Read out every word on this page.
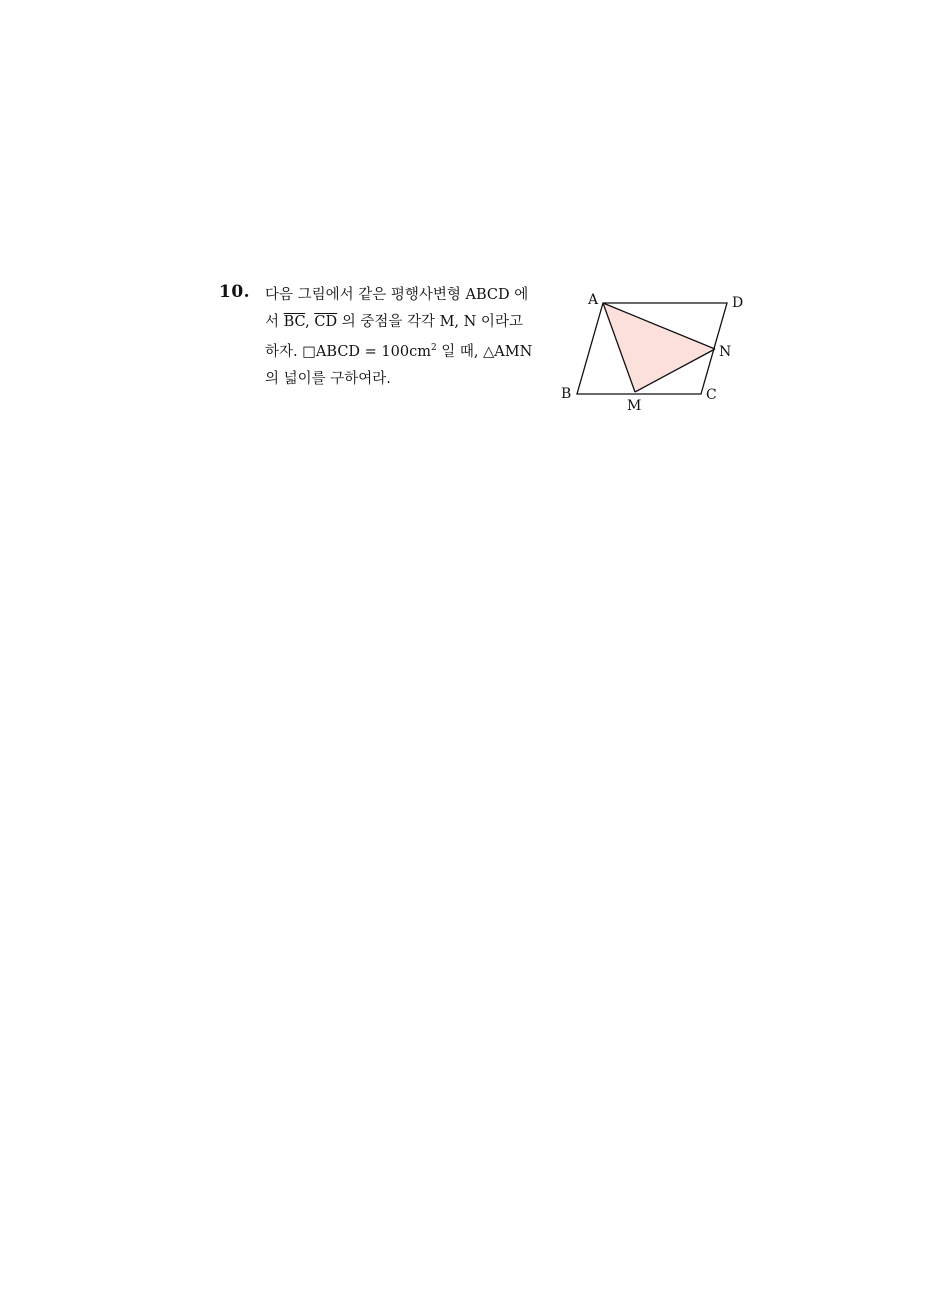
10. 다음 그림에서 같은 평행사변형 ABCD 에
서 $\overline{BC}$, $\overline{CD}$ 의 중점을 각각 M, N 이라고
하자. □ABCD = $100cm^2$ 일 때, △AMN
의 넓이를 구하여라.
A	D
N
B	C
M
